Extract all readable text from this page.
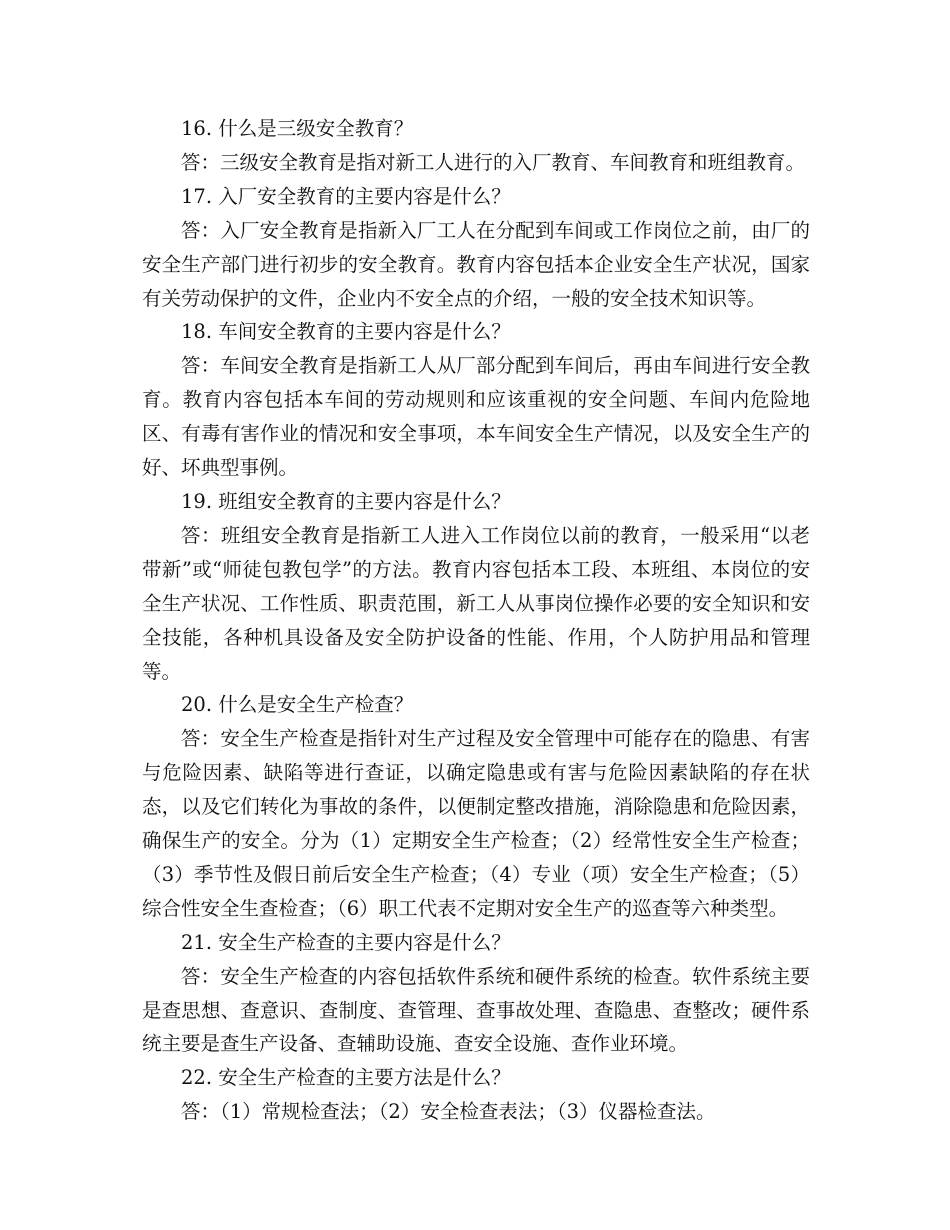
16. 什么是三级安全教育？

答：三级安全教育是指对新工人进行的入厂教育、车间教育和班组教育。

17. 入厂安全教育的主要内容是什么？

答：入厂安全教育是指新入厂工人在分配到车间或工作岗位之前，由厂的安全生产部门进行初步的安全教育。教育内容包括本企业安全生产状况，国家有关劳动保护的文件，企业内不安全点的介绍，一般的安全技术知识等。

18. 车间安全教育的主要内容是什么？

答：车间安全教育是指新工人从厂部分配到车间后，再由车间进行安全教育。教育内容包括本车间的劳动规则和应该重视的安全问题、车间内危险地区、有毒有害作业的情况和安全事项，本车间安全生产情况，以及安全生产的好、坏典型事例。

19. 班组安全教育的主要内容是什么？

答：班组安全教育是指新工人进入工作岗位以前的教育，一般采用“以老带新”或“师徒包教包学”的方法。教育内容包括本工段、本班组、本岗位的安全生产状况、工作性质、职责范围，新工人从事岗位操作必要的安全知识和安全技能，各种机具设备及安全防护设备的性能、作用，个人防护用品和管理等。

20. 什么是安全生产检查？

答：安全生产检查是指针对生产过程及安全管理中可能存在的隐患、有害与危险因素、缺陷等进行查证，以确定隐患或有害与危险因素缺陷的存在状态，以及它们转化为事故的条件，以便制定整改措施，消除隐患和危险因素，确保生产的安全。分为（1）定期安全生产检查；（2）经常性安全生产检查；（3）季节性及假日前后安全生产检查；（4）专业（项）安全生产检查；（5）综合性安全生查检查；（6）职工代表不定期对安全生产的巡查等六种类型。

21. 安全生产检查的主要内容是什么？

答：安全生产检查的内容包括软件系统和硬件系统的检查。软件系统主要是查思想、查意识、查制度、查管理、查事故处理、查隐患、查整改；硬件系统主要是查生产设备、查辅助设施、查安全设施、查作业环境。

22. 安全生产检查的主要方法是什么？

答：（1）常规检查法；（2）安全检查表法；（3）仪器检查法。
